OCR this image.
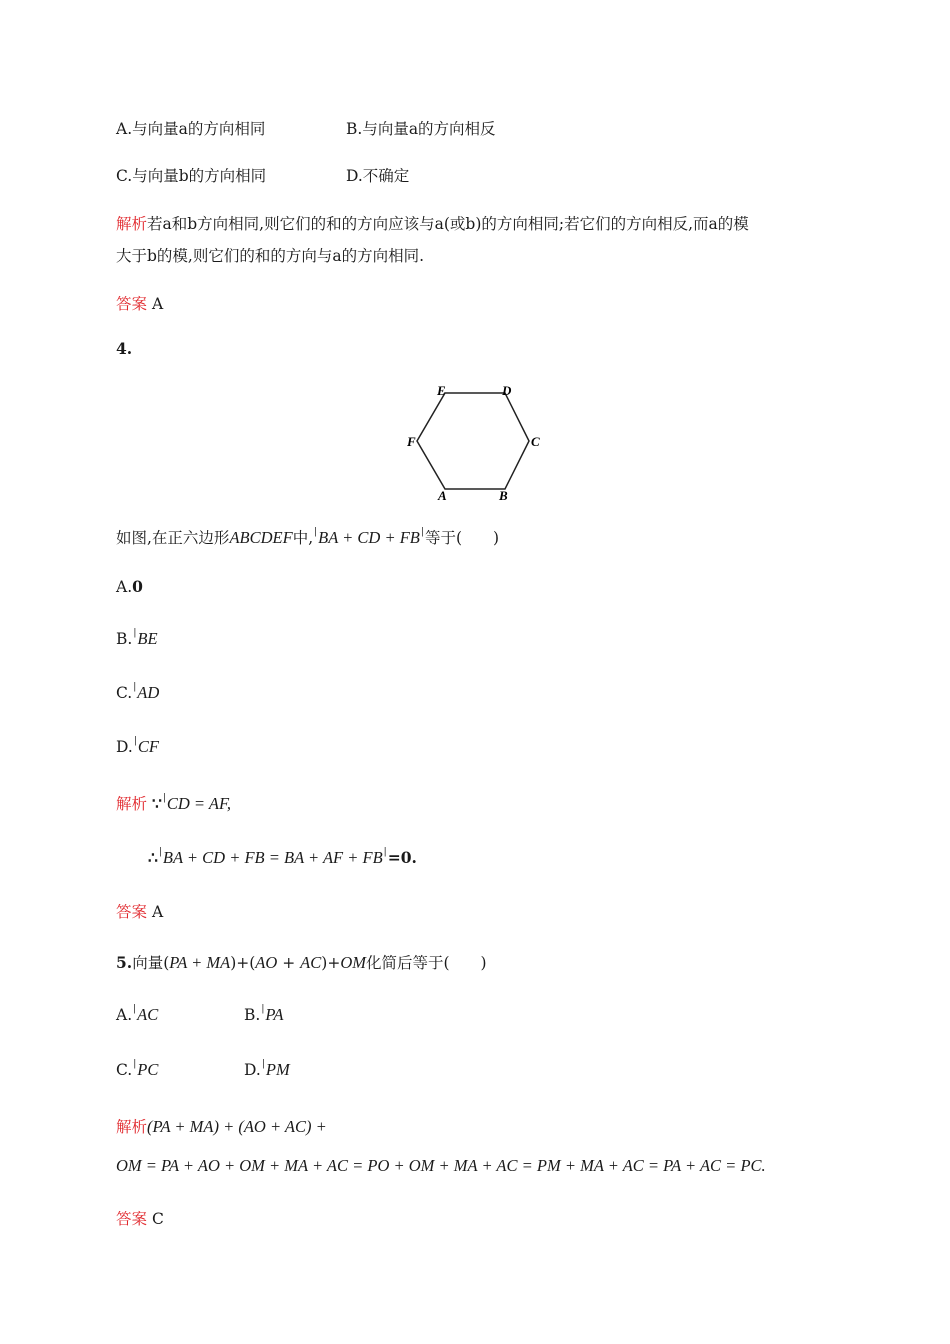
A.与向量a的方向相同	B.与向量a的方向相反
C.与向量b的方向相同	D.不确定
解析若a和b方向相同,则它们的和的方向应该与a(或b)的方向相同;若它们的方向相反,而a的模
大于b的模,则它们的和的方向与a的方向相同.
答案 A
4.
E	D
F	C
A	B
如图,在正六边形ABCDEF中,|BA + CD + FB|等于(　　)
A.0
B.|BE
C.|AD
D.|CF
解析 ∵|CD = AF,
∴|BA + CD + FB = BA + AF + FB|=0.
答案 A
5.向量(PA + MA)+(AO + AC)+OM化简后等于(　　)
A.|AC	B.|PA
C.|PC	D.|PM
解析(PA + MA) + (AO + AC) +
OM = PA + AO + OM + MA + AC = PO + OM + MA + AC = PM + MA + AC = PA + AC = PC.
答案 C
